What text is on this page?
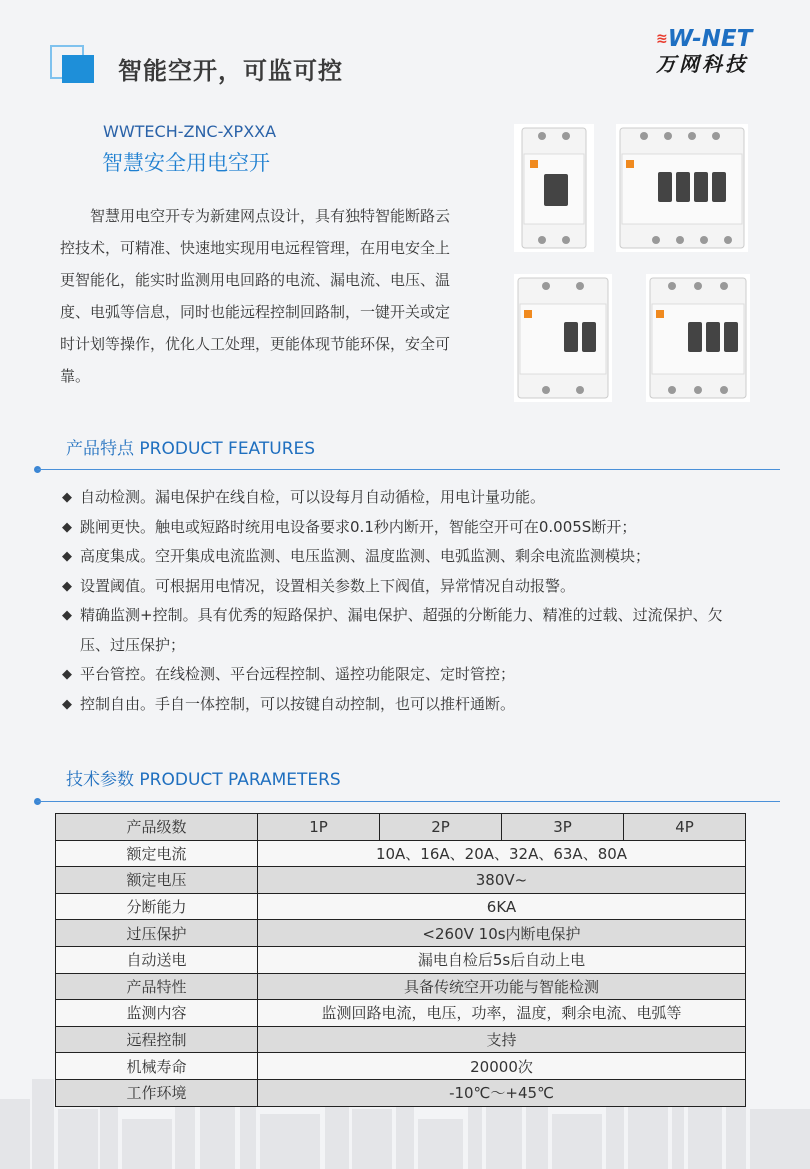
智能空开，可监可控
≋W-NET
万网科技
WWTECH-ZNC-XPXXA
智慧安全用电空开

智慧用电空开专为新建网点设计，具有独特智能断路云控技术，可精准、快速地实现用电远程管理，在用电安全上更智能化，能实时监测用电回路的电流、漏电流、电压、温度、电弧等信息，同时也能远程控制回路制，一键开关或定时计划等操作，优化人工处理，更能体现节能环保，安全可靠。

产品特点 PRODUCT FEATURES
◆ 自动检测。漏电保护在线自检，可以设每月自动循检，用电计量功能。
◆ 跳闸更快。触电或短路时统用电设备要求0.1秒内断开，智能空开可在0.005S断开；
◆ 高度集成。空开集成电流监测、电压监测、温度监测、电弧监测、剩余电流监测模块；
◆ 设置阈值。可根据用电情况，设置相关参数上下阀值，异常情况自动报警。
◆ 精确监测+控制。具有优秀的短路保护、漏电保护、超强的分断能力、精准的过载、过流保护、欠压、过压保护；
◆ 平台管控。在线检测、平台远程控制、遥控功能限定、定时管控；
◆ 控制自由。手自一体控制，可以按键自动控制，也可以推杆通断。
技术参数 PRODUCT PARAMETERS
产品级数	1P	2P	3P	4P
额定电流	10A、16A、20A、32A、63A、80A			
额定电压	380V~			
分断能力	6KA			
过压保护	<260V 10s内断电保护			
自动送电	漏电自检后5s后自动上电			
产品特性	具备传统空开功能与智能检测			
监测内容	监测回路电流，电压，功率，温度，剩余电流、电弧等			
远程控制	支持			
机械寿命	20000次			
工作环境	-10℃～+45℃			
